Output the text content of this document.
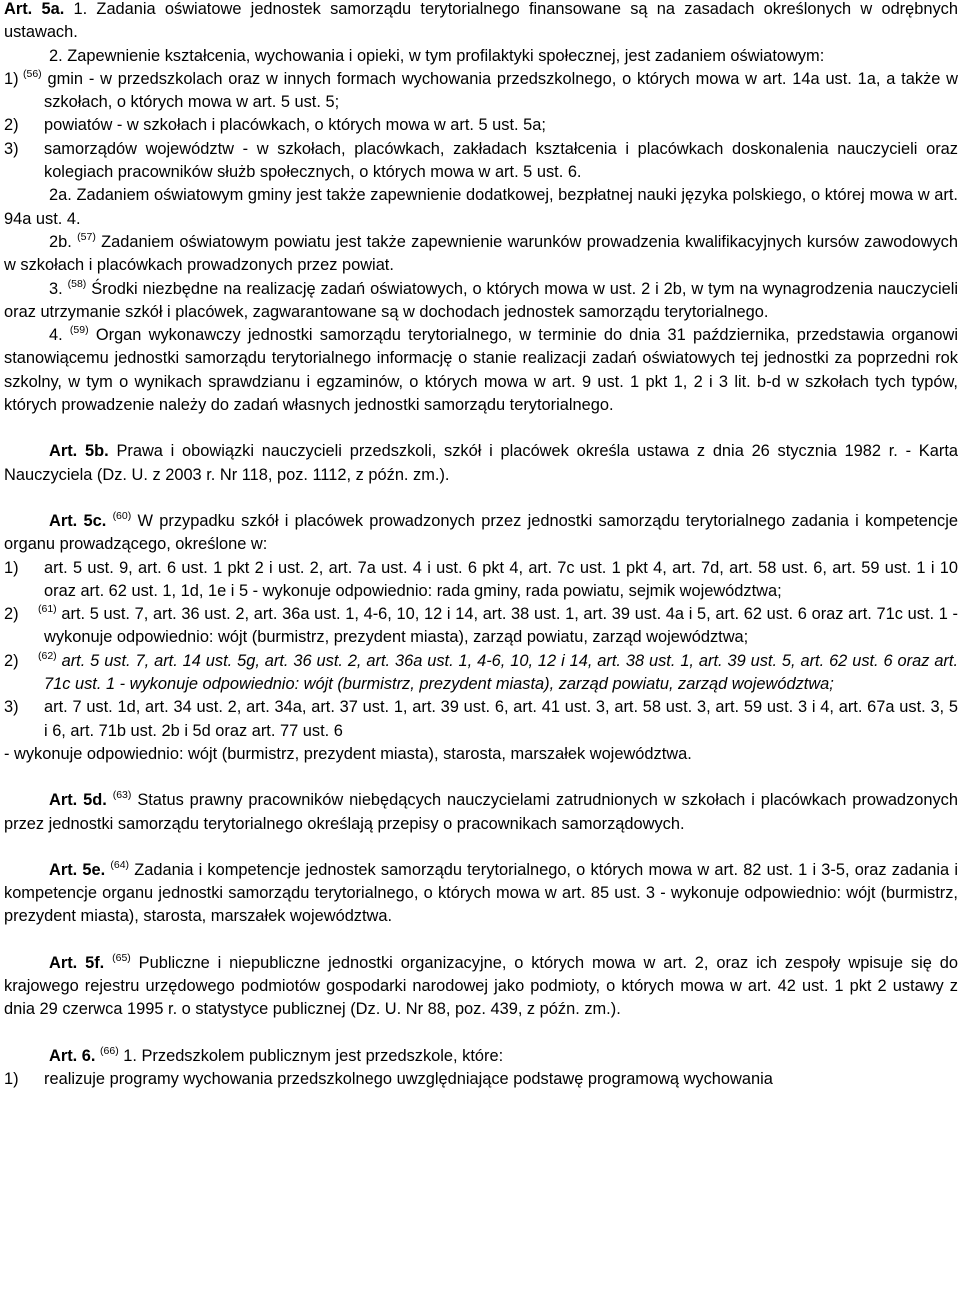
Art. 5a. 1. Zadania oświatowe jednostek samorządu terytorialnego finansowane są na zasadach określonych w odrębnych ustawach.

2. Zapewnienie kształcenia, wychowania i opieki, w tym profilaktyki społecznej, jest zadaniem oświatowym:

1) $^{(56)}$ gmin - w przedszkolach oraz w innych formach wychowania przedszkolnego, o których mowa w art. 14a ust. 1a, a także w szkołach, o których mowa w art. 5 ust. 5;
2) powiatów - w szkołach i placówkach, o których mowa w art. 5 ust. 5a;
3) samorządów województw - w szkołach, placówkach, zakładach kształcenia i placówkach doskonalenia nauczycieli oraz kolegiach pracowników służb społecznych, o których mowa w art. 5 ust. 6.

2a. Zadaniem oświatowym gminy jest także zapewnienie dodatkowej, bezpłatnej nauki języka polskiego, o której mowa w art. 94a ust. 4.

2b. $^{(57)}$ Zadaniem oświatowym powiatu jest także zapewnienie warunków prowadzenia kwalifikacyjnych kursów zawodowych w szkołach i placówkach prowadzonych przez powiat.

3. $^{(58)}$ Środki niezbędne na realizację zadań oświatowych, o których mowa w ust. 2 i 2b, w tym na wynagrodzenia nauczycieli oraz utrzymanie szkół i placówek, zagwarantowane są w dochodach jednostek samorządu terytorialnego.

4. $^{(59)}$ Organ wykonawczy jednostki samorządu terytorialnego, w terminie do dnia 31 października, przedstawia organowi stanowiącemu jednostki samorządu terytorialnego informację o stanie realizacji zadań oświatowych tej jednostki za poprzedni rok szkolny, w tym o wynikach sprawdzianu i egzaminów, o których mowa w art. 9 ust. 1 pkt 1, 2 i 3 lit. b-d w szkołach tych typów, których prowadzenie należy do zadań własnych jednostki samorządu terytorialnego.

Art. 5b. Prawa i obowiązki nauczycieli przedszkoli, szkół i placówek określa ustawa z dnia 26 stycznia 1982 r. - Karta Nauczyciela (Dz. U. z 2003 r. Nr 118, poz. 1112, z późn. zm.).

Art. 5c. $^{(60)}$ W przypadku szkół i placówek prowadzonych przez jednostki samorządu terytorialnego zadania i kompetencje organu prowadzącego, określone w:

1) art. 5 ust. 9, art. 6 ust. 1 pkt 2 i ust. 2, art. 7a ust. 4 i ust. 6 pkt 4, art. 7c ust. 1 pkt 4, art. 7d, art. 58 ust. 6, art. 59 ust. 1 i 10 oraz art. 62 ust. 1, 1d, 1e i 5 - wykonuje odpowiednio: rada gminy, rada powiatu, sejmik województwa;
2) $^{(61)}$ art. 5 ust. 7, art. 36 ust. 2, art. 36a ust. 1, 4-6, 10, 12 i 14, art. 38 ust. 1, art. 39 ust. 4a i 5, art. 62 ust. 6 oraz art. 71c ust. 1 - wykonuje odpowiednio: wójt (burmistrz, prezydent miasta), zarząd powiatu, zarząd województwa;
2) $^{(62)}$ art. 5 ust. 7, art. 14 ust. 5g, art. 36 ust. 2, art. 36a ust. 1, 4-6, 10, 12 i 14, art. 38 ust. 1, art. 39 ust. 5, art. 62 ust. 6 oraz art. 71c ust. 1 - wykonuje odpowiednio: wójt (burmistrz, prezydent miasta), zarząd powiatu, zarząd województwa;
3) art. 7 ust. 1d, art. 34 ust. 2, art. 34a, art. 37 ust. 1, art. 39 ust. 6, art. 41 ust. 3, art. 58 ust. 3, art. 59 ust. 3 i 4, art. 67a ust. 3, 5 i 6, art. 71b ust. 2b i 5d oraz art. 77 ust. 6

- wykonuje odpowiednio: wójt (burmistrz, prezydent miasta), starosta, marszałek województwa.

Art. 5d. $^{(63)}$ Status prawny pracowników niebędących nauczycielami zatrudnionych w szkołach i placówkach prowadzonych przez jednostki samorządu terytorialnego określają przepisy o pracownikach samorządowych.

Art. 5e. $^{(64)}$ Zadania i kompetencje jednostek samorządu terytorialnego, o których mowa w art. 82 ust. 1 i 3-5, oraz zadania i kompetencje organu jednostki samorządu terytorialnego, o których mowa w art. 85 ust. 3 - wykonuje odpowiednio: wójt (burmistrz, prezydent miasta), starosta, marszałek województwa.

Art. 5f. $^{(65)}$ Publiczne i niepubliczne jednostki organizacyjne, o których mowa w art. 2, oraz ich zespoły wpisuje się do krajowego rejestru urzędowego podmiotów gospodarki narodowej jako podmioty, o których mowa w art. 42 ust. 1 pkt 2 ustawy z dnia 29 czerwca 1995 r. o statystyce publicznej (Dz. U. Nr 88, poz. 439, z późn. zm.).

Art. 6. $^{(66)}$ 1. Przedszkolem publicznym jest przedszkole, które:

1) realizuje programy wychowania przedszkolnego uwzględniające podstawę programową wychowania
